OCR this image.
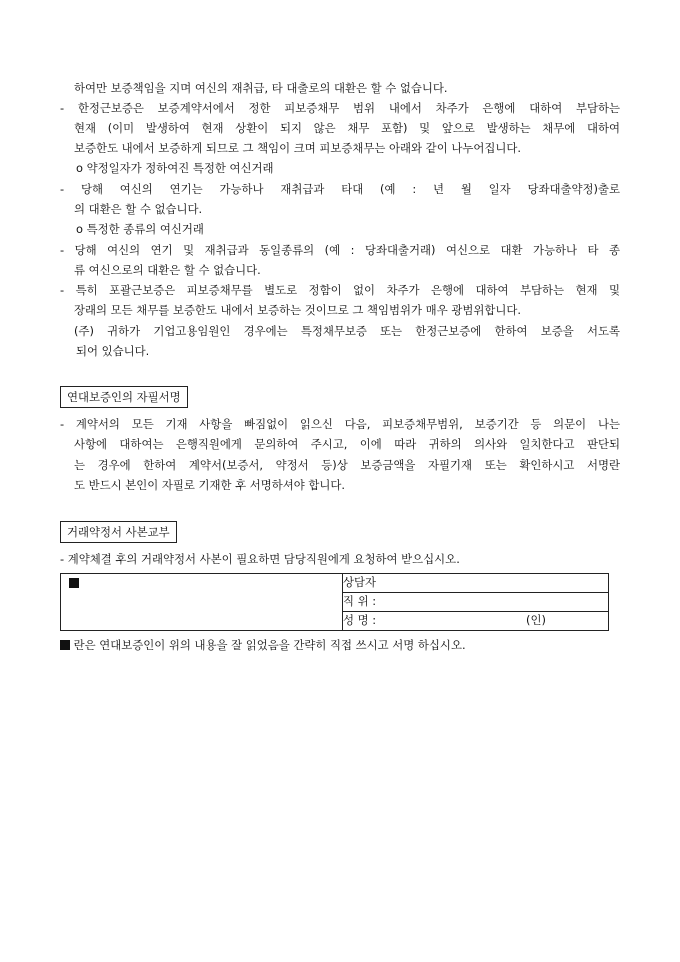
하여만 보증책임을 지며 여신의 재취급, 타 대출로의 대환은 할 수 없습니다.
- 한정근보증은 보증계약서에서 정한 피보증채무 범위 내에서 차주가 은행에 대하여 부담하는
현재 (이미 발생하여 현재 상환이 되지 않은 채무 포함) 및 앞으로 발생하는 채무에 대하여
보증한도 내에서 보증하게 되므로 그 책임이 크며 피보증채무는 아래와 같이 나누어집니다.
o 약정일자가 정하여진 특정한 여신거래
- 당해 여신의 연기는 가능하나 재취급과 타대 (예 : 년 월 일자 당좌대출약정)출로
의 대환은 할 수 없습니다.
o 특정한 종류의 여신거래
- 당해 여신의 연기 및 재취급과 동일종류의 (예 : 당좌대출거래) 여신으로 대환 가능하나 타 종
류 여신으로의 대환은 할 수 없습니다.
- 특히 포괄근보증은 피보증채무를 별도로 정함이 없이 차주가 은행에 대하여 부담하는 현재 및
장래의 모든 채무를 보증한도 내에서 보증하는 것이므로 그 책임범위가 매우 광범위합니다.
(주) 귀하가 기업고용임원인 경우에는 특정채무보증 또는 한정근보증에 한하여 보증을 서도록
되어 있습니다.
연대보증인의 자필서명
- 계약서의 모든 기재 사항을 빠짐없이 읽으신 다음, 피보증채무범위, 보증기간 등 의문이 나는
사항에 대하여는 은행직원에게 문의하여 주시고, 이에 따라 귀하의 의사와 일치한다고 판단되
는 경우에 한하여 계약서(보증서, 약정서 등)상 보증금액을 자필기재 또는 확인하시고 서명란
도 반드시 본인이 자필로 기재한 후 서명하셔야 합니다.
거래약정서 사본교부
- 계약체결 후의 거래약정서 사본이 필요하면 담당직원에게 요청하여 받으십시오.
	상담자
직 위 :
성 명 :	(인)
란은 연대보증인이 위의 내용을 잘 읽었음을 간략히 직접 쓰시고 서명 하십시오.
